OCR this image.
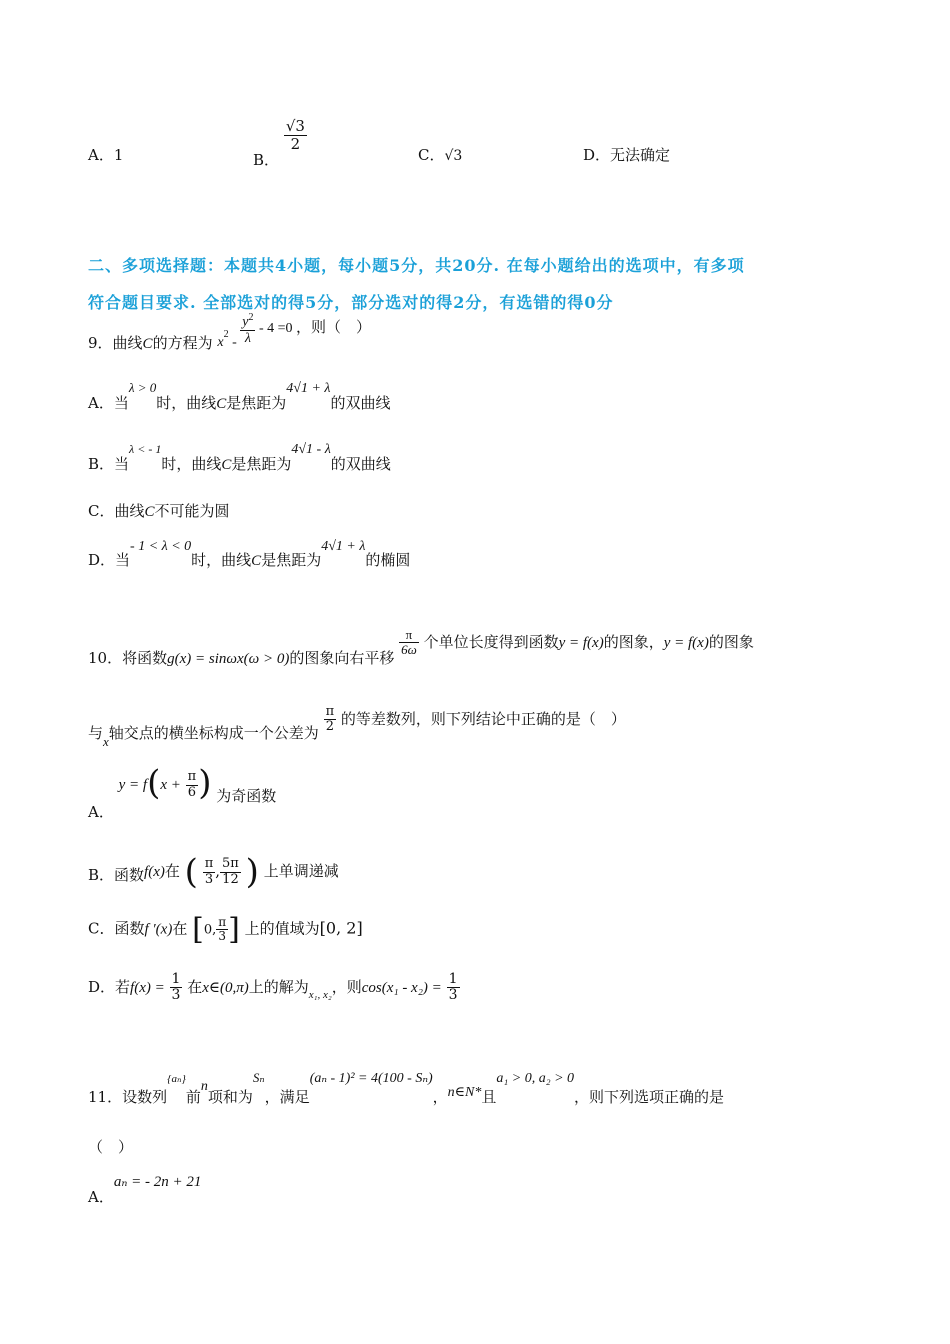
A．1	B．
$\frac{√3}{2}$
C．√3	D．无法确定
二、多项选择题：本题共4小题，每小题5分，共20分. 在每小题给出的选项中，有多项
符合题目要求. 全部选对的得5分，部分选对的得2分，有选错的得0分
9．曲线C的方程为 $x^2 - \frac{y^2}{\lambda} - 4 =0$ ，则（　）
A．当λ > 0时，曲线C是焦距为4√1 + λ的双曲线
B．当λ < - 1时，曲线C是焦距为4√1 - λ的双曲线
C．曲线C不可能为圆
D．当- 1 < λ < 0时，曲线C是焦距为4√1 + λ的椭圆
10．将函数g(x) = sinωx(ω > 0)的图象向右平移
$\frac{\pi}{6\omega}$ 个单位长度得到函数y = f(x)的图象，y = f(x)的图象
与x轴交点的横坐标构成一个公差为 $\frac{\pi}{2}$ 的等差数列，则下列结论中正确的是（　）
A． $y = f(x + \frac{\pi}{6}$ ) 为奇函数
B．函数f(x)在 ( $\frac{\pi}{3}$ , $\frac{5\pi}{12}$ ) 上单调递减
C．函数f ′(x)在 [0, $\frac{\pi}{3}$ ] 上的值域为[0, 2]
D．若$f(x) = \frac{1}{3}$ 在x∈(0,π)上的解为$_{x_1, x_2}$，则$\cos(x_1 - x_2) = \frac{1}{3}$
11．设数列{aₙ}前n项和为Sₙ，满足(aₙ - 1)² = 4(100 - Sₙ)，n∈N*且a₁ > 0, a₂ > 0，则下列选项正确的是
（　）
A．aₙ = - 2n + 21
